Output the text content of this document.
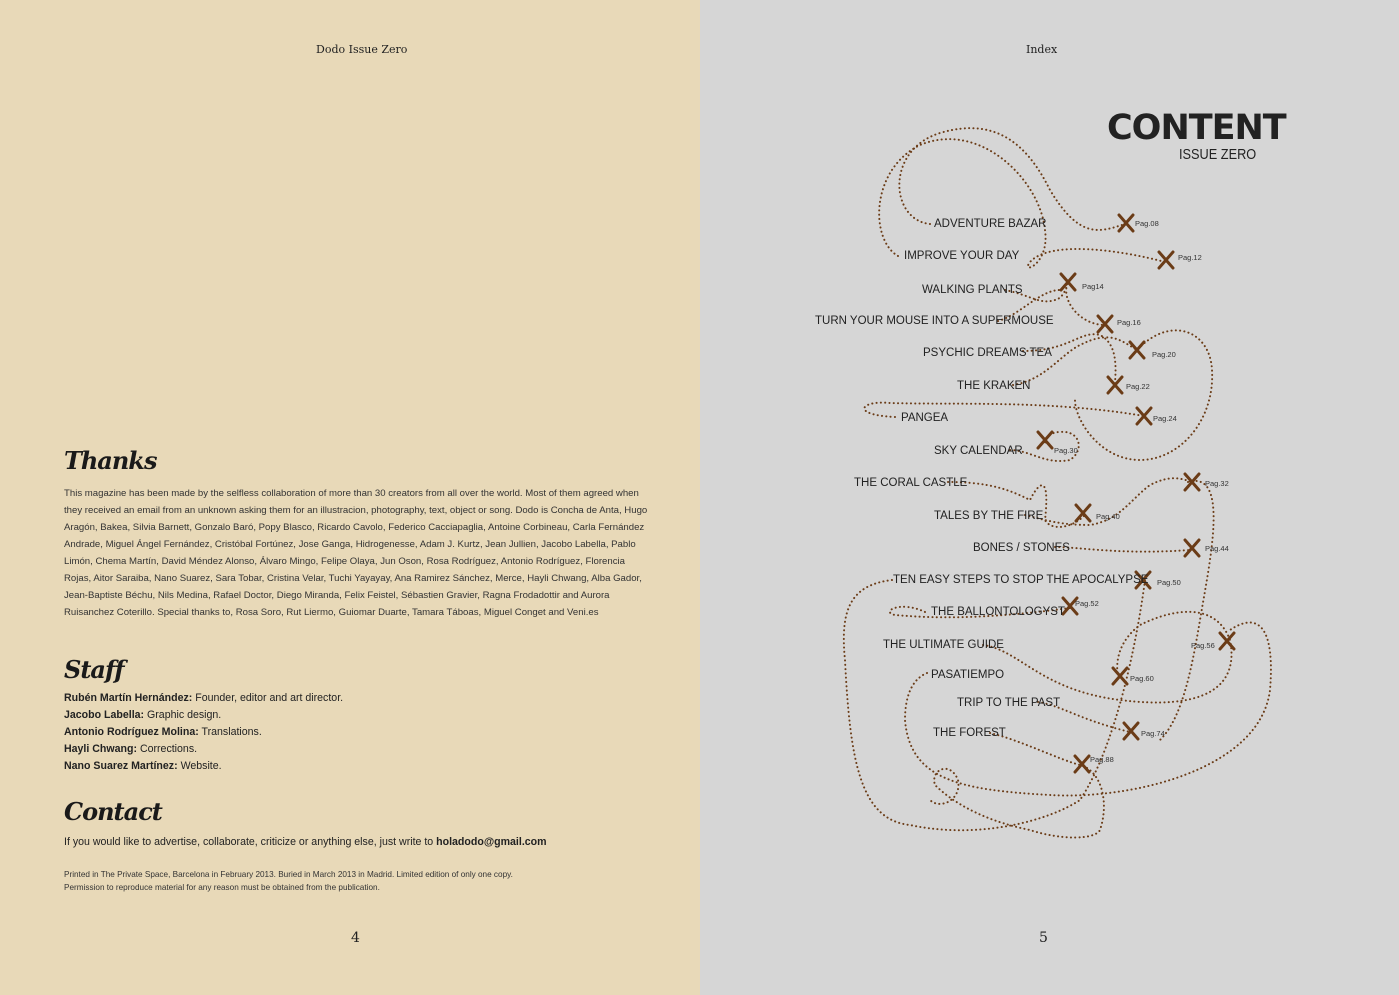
Dodo Issue Zero
Thanks
This magazine has been made by the selfless collaboration of more than 30 creators from all over the world. Most of them agreed when they received an email from an unknown asking them for an illustracion, photography, text, object or song. Dodo is Concha de Anta, Hugo Aragón, Bakea, Silvia Barnett, Gonzalo Baró, Popy Blasco, Ricardo Cavolo, Federico Cacciapaglia, Antoine Corbineau, Carla Fernández Andrade, Miguel Ángel Fernández, Cristóbal Fortúnez, Jose Ganga, Hidrogenesse, Adam J. Kurtz, Jean Jullien, Jacobo Labella, Pablo Limón, Chema Martín, David Méndez Alonso, Álvaro Mingo, Felipe Olaya, Jun Oson, Rosa Rodríguez, Antonio Rodríguez, Florencia Rojas, Aitor Saraiba, Nano Suarez, Sara Tobar, Cristina Velar, Tuchi Yayayay, Ana Ramirez Sánchez, Merce, Hayli Chwang, Alba Gador, Jean-Baptiste Béchu, Nils Medina, Rafael Doctor, Diego Miranda, Felix Feistel, Sébastien Gravier, Ragna Frodadottir and Aurora Ruisanchez Coterillo. Special thanks to, Rosa Soro, Rut Liermo, Guiomar Duarte, Tamara Táboas, Miguel Conget and Veni.es
Staff
Rubén Martín Hernández: Founder, editor and art director.
Jacobo Labella: Graphic design.
Antonio Rodríguez Molina: Translations.
Hayli Chwang: Corrections.
Nano Suarez Martínez: Website.
Contact
If you would like to advertise, collaborate, criticize or anything else, just write to holadodo@gmail.com
Printed in The Private Space, Barcelona in February 2013. Buried in March 2013 in Madrid. Limited edition of only one copy.
Permission to reproduce material for any reason must be obtained from the publication.
4
Index
CONTENT
ISSUE ZERO
ADVENTURE BAZAR
IMPROVE YOUR DAY
WALKING PLANTS
TURN YOUR MOUSE INTO A SUPERMOUSE
PSYCHIC DREAMS TEA
THE KRAKEN
PANGEA
SKY CALENDAR
THE CORAL CASTLE
TALES BY THE FIRE
BONES / STONES
TEN EASY STEPS TO STOP THE APOCALYPSE
THE BALLONTOLOGYST
THE ULTIMATE GUIDE
PASATIEMPO
TRIP TO THE PAST
THE FOREST
Pag.08
Pag.12
Pag14
Pag.16
Pag.20
Pag.22
Pag.24
Pag.30
Pag.32
Pag.40
Pag.44
Pag.50
Pag.52
Pag.56
Pag.60
Pag.74
Pag.88
5
